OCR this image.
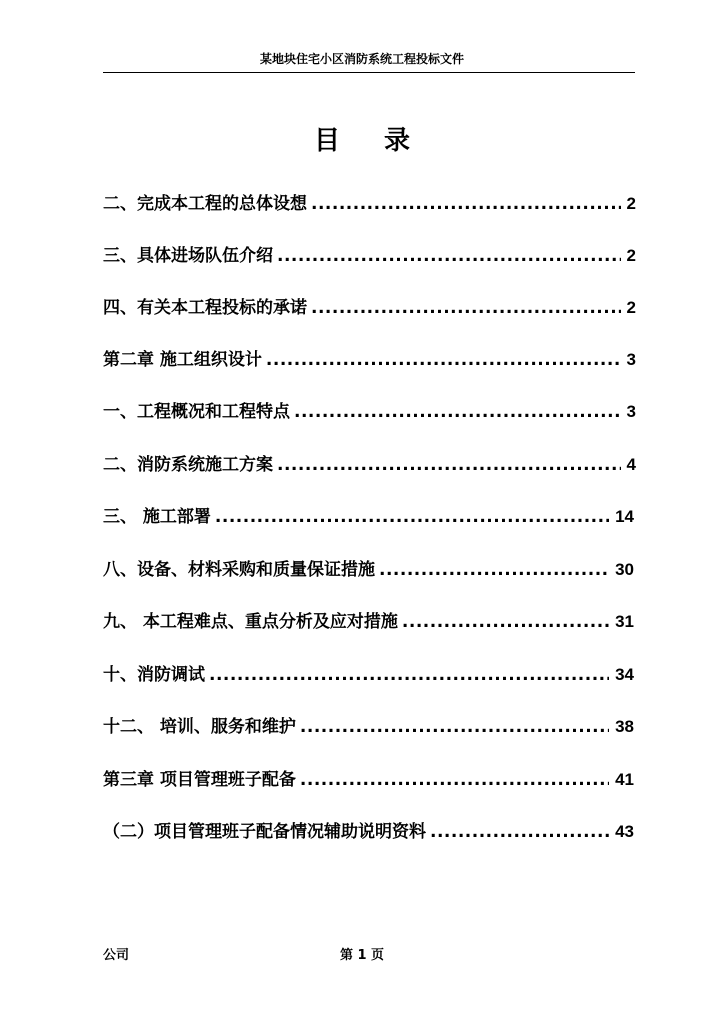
某地块住宅小区消防系统工程投标文件
目录
二、完成本工程的总体设想 .....	2
三、具体进场队伍介绍 .....	2
四、有关本工程投标的承诺 .....	2
第二章 施工组织设计 .....	3
一、工程概况和工程特点 .....	3
二、消防系统施工方案 .....	4
三、 施工部署 .....	14
八、设备、材料采购和质量保证措施 .....	30
九、 本工程难点、重点分析及应对措施 .....	31
十、消防调试 .....	34
十二、 培训、服务和维护 .....	38
第三章 项目管理班子配备 .....	41
（二）项目管理班子配备情况辅助说明资料 .....	43
公司	第 1 页
